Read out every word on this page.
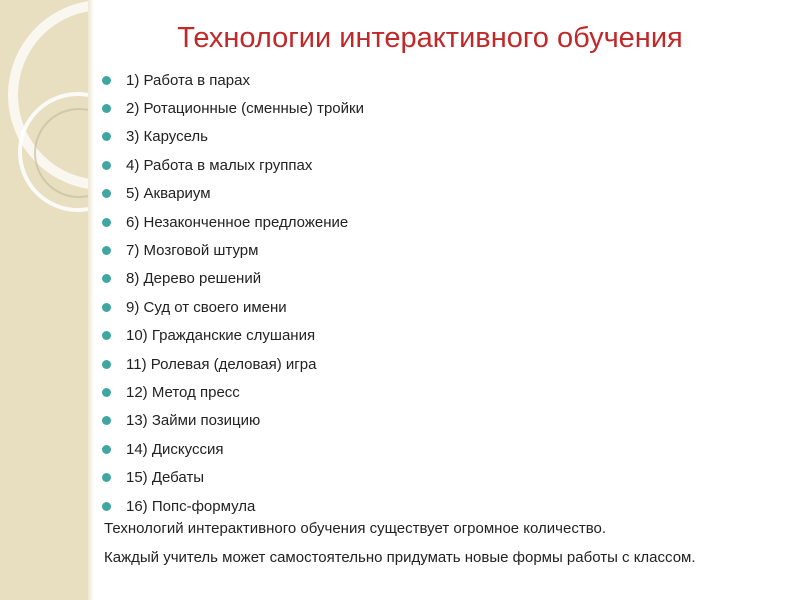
Технологии интерактивного обучения
1) Работа в парах
2) Ротационные (сменные) тройки
3) Карусель
4) Работа в малых группах
5) Аквариум
6) Незаконченное предложение
7) Мозговой штурм
8) Дерево решений
9) Суд от своего имени
10) Гражданские слушания
11) Ролевая (деловая) игра
12) Метод пресс
13) Займи позицию
14) Дискуссия
15) Дебаты
16) Попс-формула
Технологий интерактивного обучения существует огромное количество.
Каждый учитель может самостоятельно придумать новые формы работы с классом.
